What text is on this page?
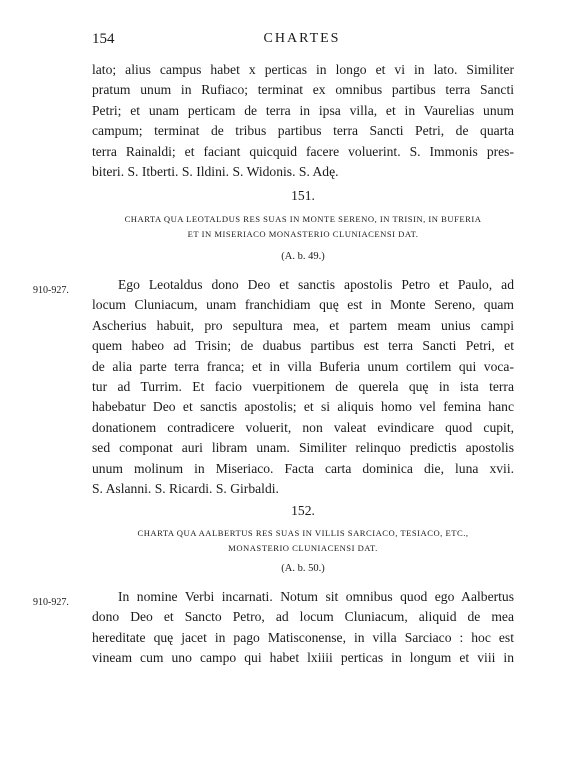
154	CHARTES
lato; alius campus habet x perticas in longo et vi in lato. Similiter
pratum unum in Rufiaco; terminat ex omnibus partibus terra Sancti
Petri; et unam perticam de terra in ipsa villa, et in Vaurelias unum
campum; terminat de tribus partibus terra Sancti Petri, de quarta
terra Rainaldi; et faciant quicquid facere voluerint. S. Immonis pres-
biteri. S. Itberti. S. Ildini. S. Widonis. S. Adę.
151.
CHARTA QUA LEOTALDUS RES SUAS IN MONTE SERENO, IN TRISIN, IN BUFERIA
ET IN MISERIACO MONASTERIO CLUNIACENSI DAT.
(A. b. 49.)
910-927.	Ego Leotaldus dono Deo et sanctis apostolis Petro et Paulo, ad
locum Cluniacum, unam franchidiam quę est in Monte Sereno, quam
Ascherius habuit, pro sepultura mea, et partem meam unius campi
quem habeo ad Trisin; de duabus partibus est terra Sancti Petri, et
de alia parte terra franca; et in villa Buferia unum cortilem qui voca-
tur ad Turrim. Et facio vuerpitionem de querela quę in ista terra
habebatur Deo et sanctis apostolis; et si aliquis homo vel femina hanc
donationem contradicere voluerit, non valeat evindicare quod cupit,
sed componat auri libram unam. Similiter relinquo predictis apostolis
unum molinum in Miseriaco. Facta carta dominica die, luna xvii.
S. Aslanni. S. Ricardi. S. Girbaldi.
152.
CHARTA QUA AALBERTUS RES SUAS IN VILLIS SARCIACO, TESIACO, ETC.,
MONASTERIO CLUNIACENSI DAT.
(A. b. 50.)
910-927.	In nomine Verbi incarnati. Notum sit omnibus quod ego Aalbertus
dono Deo et Sancto Petro, ad locum Cluniacum, aliquid de mea
hereditate quę jacet in pago Matisconense, in villa Sarciaco : hoc est
vineam cum uno campo qui habet lxiiii perticas in longum et viii in
